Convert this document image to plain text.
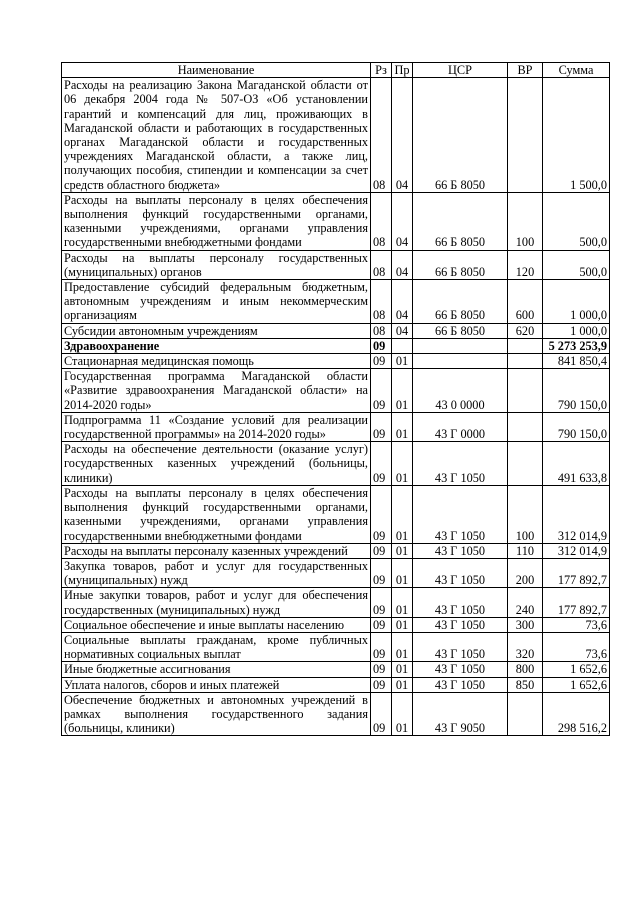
Наименование	Рз	Пр	ЦСР	ВР	Сумма
Расходы на реализацию Закона Магаданской области от 06 декабря 2004 года № 507-ОЗ «Об установлении гарантий и компенсаций для лиц, проживающих в Магаданской области и работающих в государственных органах Магаданской области и государственных учреждениях Магаданской области, а также лиц, получающих пособия, стипендии и компенсации за счет средств областного бюджета»	08	04	66 Б 8050		1 500,0
Расходы на выплаты персоналу в целях обеспечения выполнения функций государственными органами, казенными учреждениями, органами управления государственными внебюджетными фондами	08	04	66 Б 8050	100	500,0
Расходы на выплаты персоналу государственных (муниципальных) органов	08	04	66 Б 8050	120	500,0
Предоставление субсидий федеральным бюджетным, автономным учреждениям и иным некоммерческим организациям	08	04	66 Б 8050	600	1 000,0
Субсидии автономным учреждениям	08	04	66 Б 8050	620	1 000,0
Здравоохранение	09				5 273 253,9
Стационарная медицинская помощь	09	01			841 850,4
Государственная программа Магаданской области «Развитие здравоохранения Магаданской области» на 2014-2020 годы»	09	01	43 0 0000		790 150,0
Подпрограмма 11 «Создание условий для реализации государственной программы» на 2014-2020 годы»	09	01	43 Г 0000		790 150,0
Расходы на обеспечение деятельности (оказание услуг) государственных казенных учреждений (больницы, клиники)	09	01	43 Г 1050		491 633,8
Расходы на выплаты персоналу в целях обеспечения выполнения функций государственными органами, казенными учреждениями, органами управления государственными внебюджетными фондами	09	01	43 Г 1050	100	312 014,9
Расходы на выплаты персоналу казенных учреждений	09	01	43 Г 1050	110	312 014,9
Закупка товаров, работ и услуг для государственных (муниципальных) нужд	09	01	43 Г 1050	200	177 892,7
Иные закупки товаров, работ и услуг для обеспечения государственных (муниципальных) нужд	09	01	43 Г 1050	240	177 892,7
Социальное обеспечение и иные выплаты населению	09	01	43 Г 1050	300	73,6
Социальные выплаты гражданам, кроме публичных нормативных социальных выплат	09	01	43 Г 1050	320	73,6
Иные бюджетные ассигнования	09	01	43 Г 1050	800	1 652,6
Уплата налогов, сборов и иных платежей	09	01	43 Г 1050	850	1 652,6
Обеспечение бюджетных и автономных учреждений в рамках выполнения государственного задания (больницы, клиники)	09	01	43 Г 9050		298 516,2
